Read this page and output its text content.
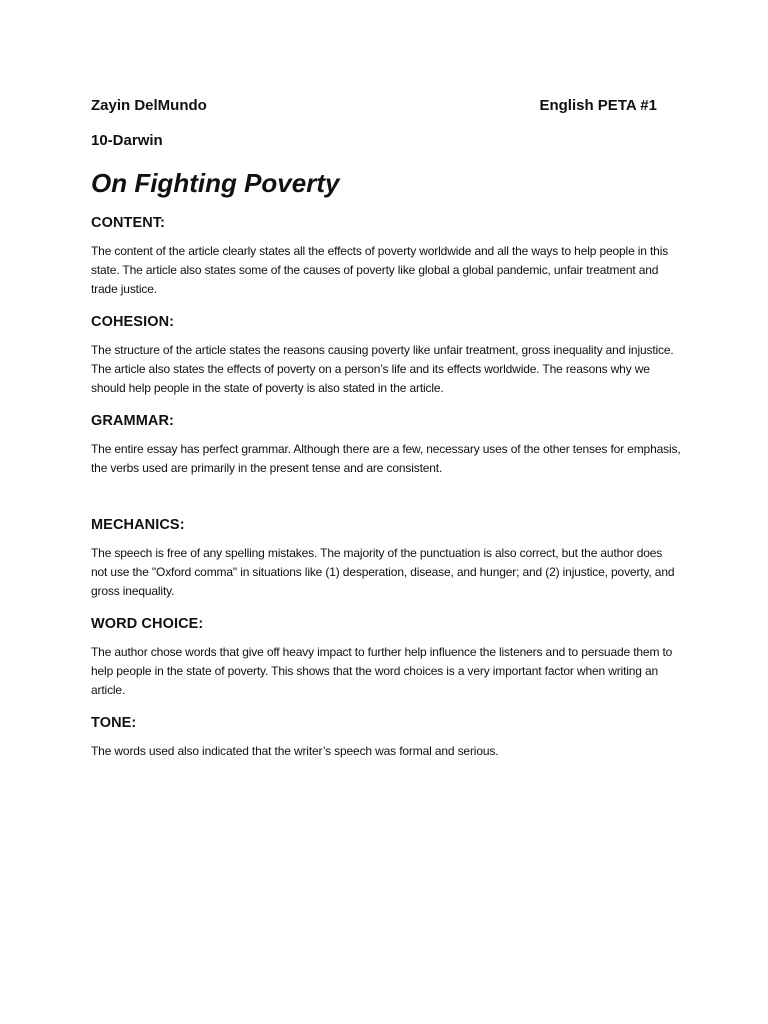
Zayin DelMundo	English PETA #1
10-Darwin
On Fighting Poverty
CONTENT:

The content of the article clearly states all the effects of poverty worldwide and all the ways to help people in this state. The article also states some of the causes of poverty like global a global pandemic, unfair treatment and trade justice.

COHESION:

The structure of the article states the reasons causing poverty like unfair treatment, gross inequality and injustice. The article also states the effects of poverty on a person’s life and its effects worldwide. The reasons why we should help people in the state of poverty is also stated in the article.

GRAMMAR:

The entire essay has perfect grammar. Although there are a few, necessary uses of the other tenses for emphasis, the verbs used are primarily in the present tense and are consistent.

MECHANICS:

The speech is free of any spelling mistakes. The majority of the punctuation is also correct, but the author does not use the "Oxford comma" in situations like (1) desperation, disease, and hunger; and (2) injustice, poverty, and gross inequality.

WORD CHOICE:

The author chose words that give off heavy impact to further help influence the listeners and to persuade them to help people in the state of poverty. This shows that the word choices is a very important factor when writing an article.

TONE:

The words used also indicated that the writer’s speech was formal and serious.
